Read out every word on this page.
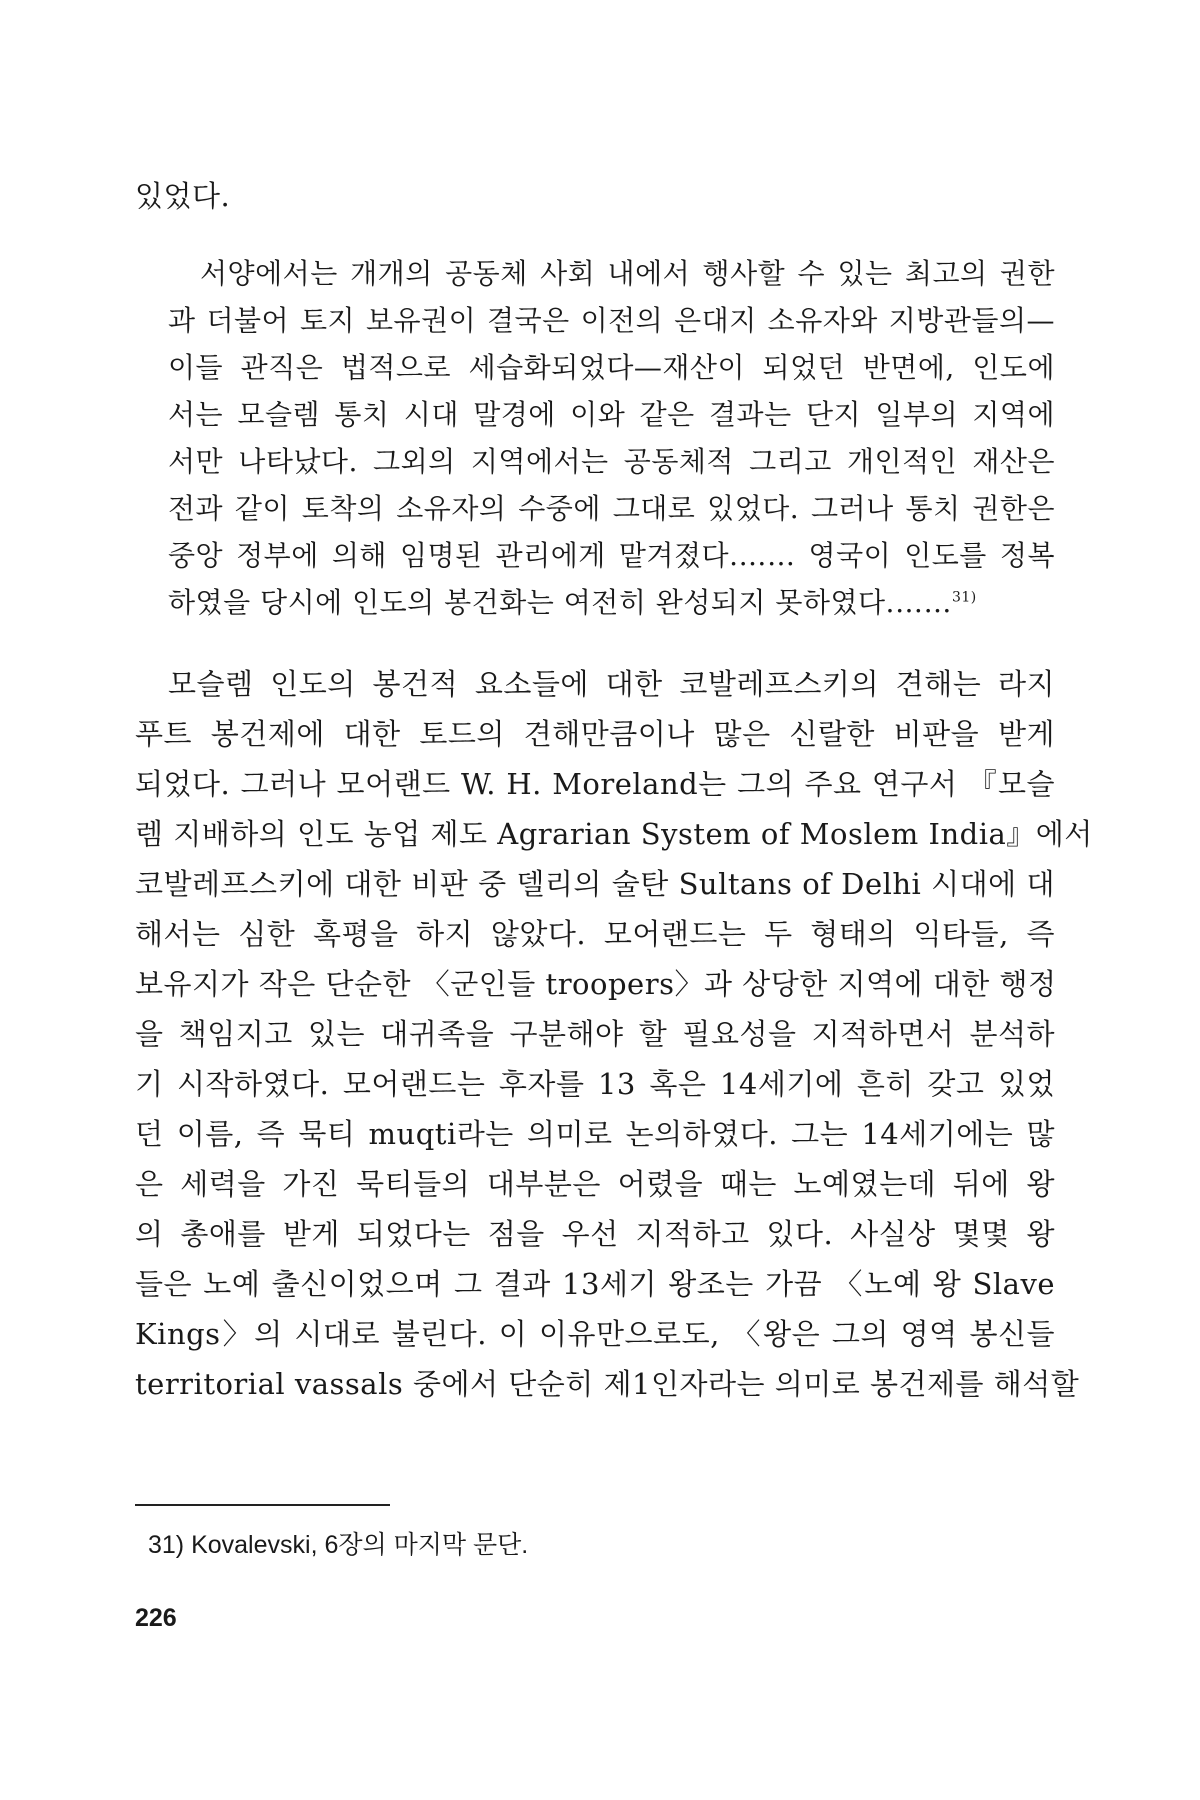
있었다.
서양에서는 개개의 공동체 사회 내에서 행사할 수 있는 최고의 권한
과 더불어 토지 보유권이 결국은 이전의 은대지 소유자와 지방관들의—
이들 관직은 법적으로 세습화되었다—재산이 되었던 반면에, 인도에
서는 모슬렘 통치 시대 말경에 이와 같은 결과는 단지 일부의 지역에
서만 나타났다. 그외의 지역에서는 공동체적 그리고 개인적인 재산은
전과 같이 토착의 소유자의 수중에 그대로 있었다. 그러나 통치 권한은
중앙 정부에 의해 임명된 관리에게 맡겨졌다.…… 영국이 인도를 정복
하였을 당시에 인도의 봉건화는 여전히 완성되지 못하였다.……$^{31)}$
모슬렘 인도의 봉건적 요소들에 대한 코발레프스키의 견해는 라지
푸트 봉건제에 대한 토드의 견해만큼이나 많은 신랄한 비판을 받게
되었다. 그러나 모어랜드 W. H. Moreland는 그의 주요 연구서 『모슬
렘 지배하의 인도 농업 제도 Agrarian System of Moslem India』에서
코발레프스키에 대한 비판 중 델리의 술탄 Sultans of Delhi 시대에 대
해서는 심한 혹평을 하지 않았다. 모어랜드는 두 형태의 익타들, 즉
보유지가 작은 단순한 〈군인들 troopers〉과 상당한 지역에 대한 행정
을 책임지고 있는 대귀족을 구분해야 할 필요성을 지적하면서 분석하
기 시작하였다. 모어랜드는 후자를 13 혹은 14세기에 흔히 갖고 있었
던 이름, 즉 묵티 muqti라는 의미로 논의하였다. 그는 14세기에는 많
은 세력을 가진 묵티들의 대부분은 어렸을 때는 노예였는데 뒤에 왕
의 총애를 받게 되었다는 점을 우선 지적하고 있다. 사실상 몇몇 왕
들은 노예 출신이었으며 그 결과 13세기 왕조는 가끔 〈노예 왕 Slave
Kings〉의 시대로 불린다. 이 이유만으로도, 〈왕은 그의 영역 봉신들
territorial vassals 중에서 단순히 제1인자라는 의미로 봉건제를 해석할
31) Kovalevski, 6장의 마지막 문단.
226
